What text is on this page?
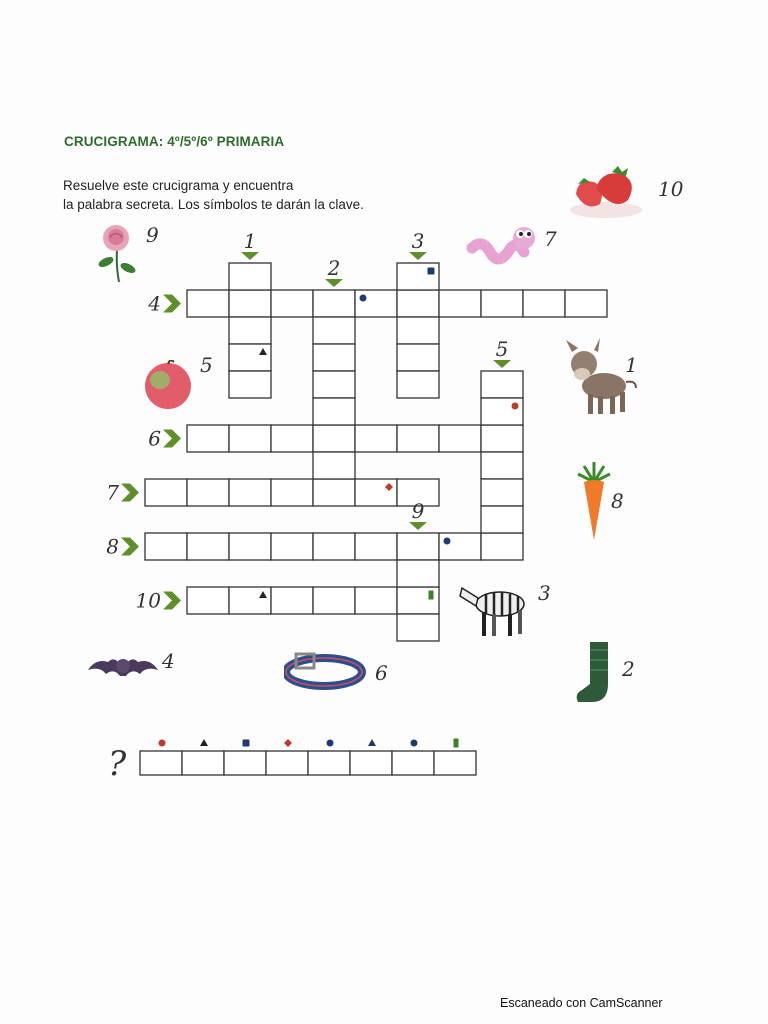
CRUCIGRAMA: 4º/5º/6º PRIMARIA
Resuelve este crucigrama y encuentra
la palabra secreta. Los símbolos te darán la clave.
1
2
3
5
9
4
6
7
8
10
9	7
10
5	1
8
3
4	6	2
?
Escaneado con CamScanner
